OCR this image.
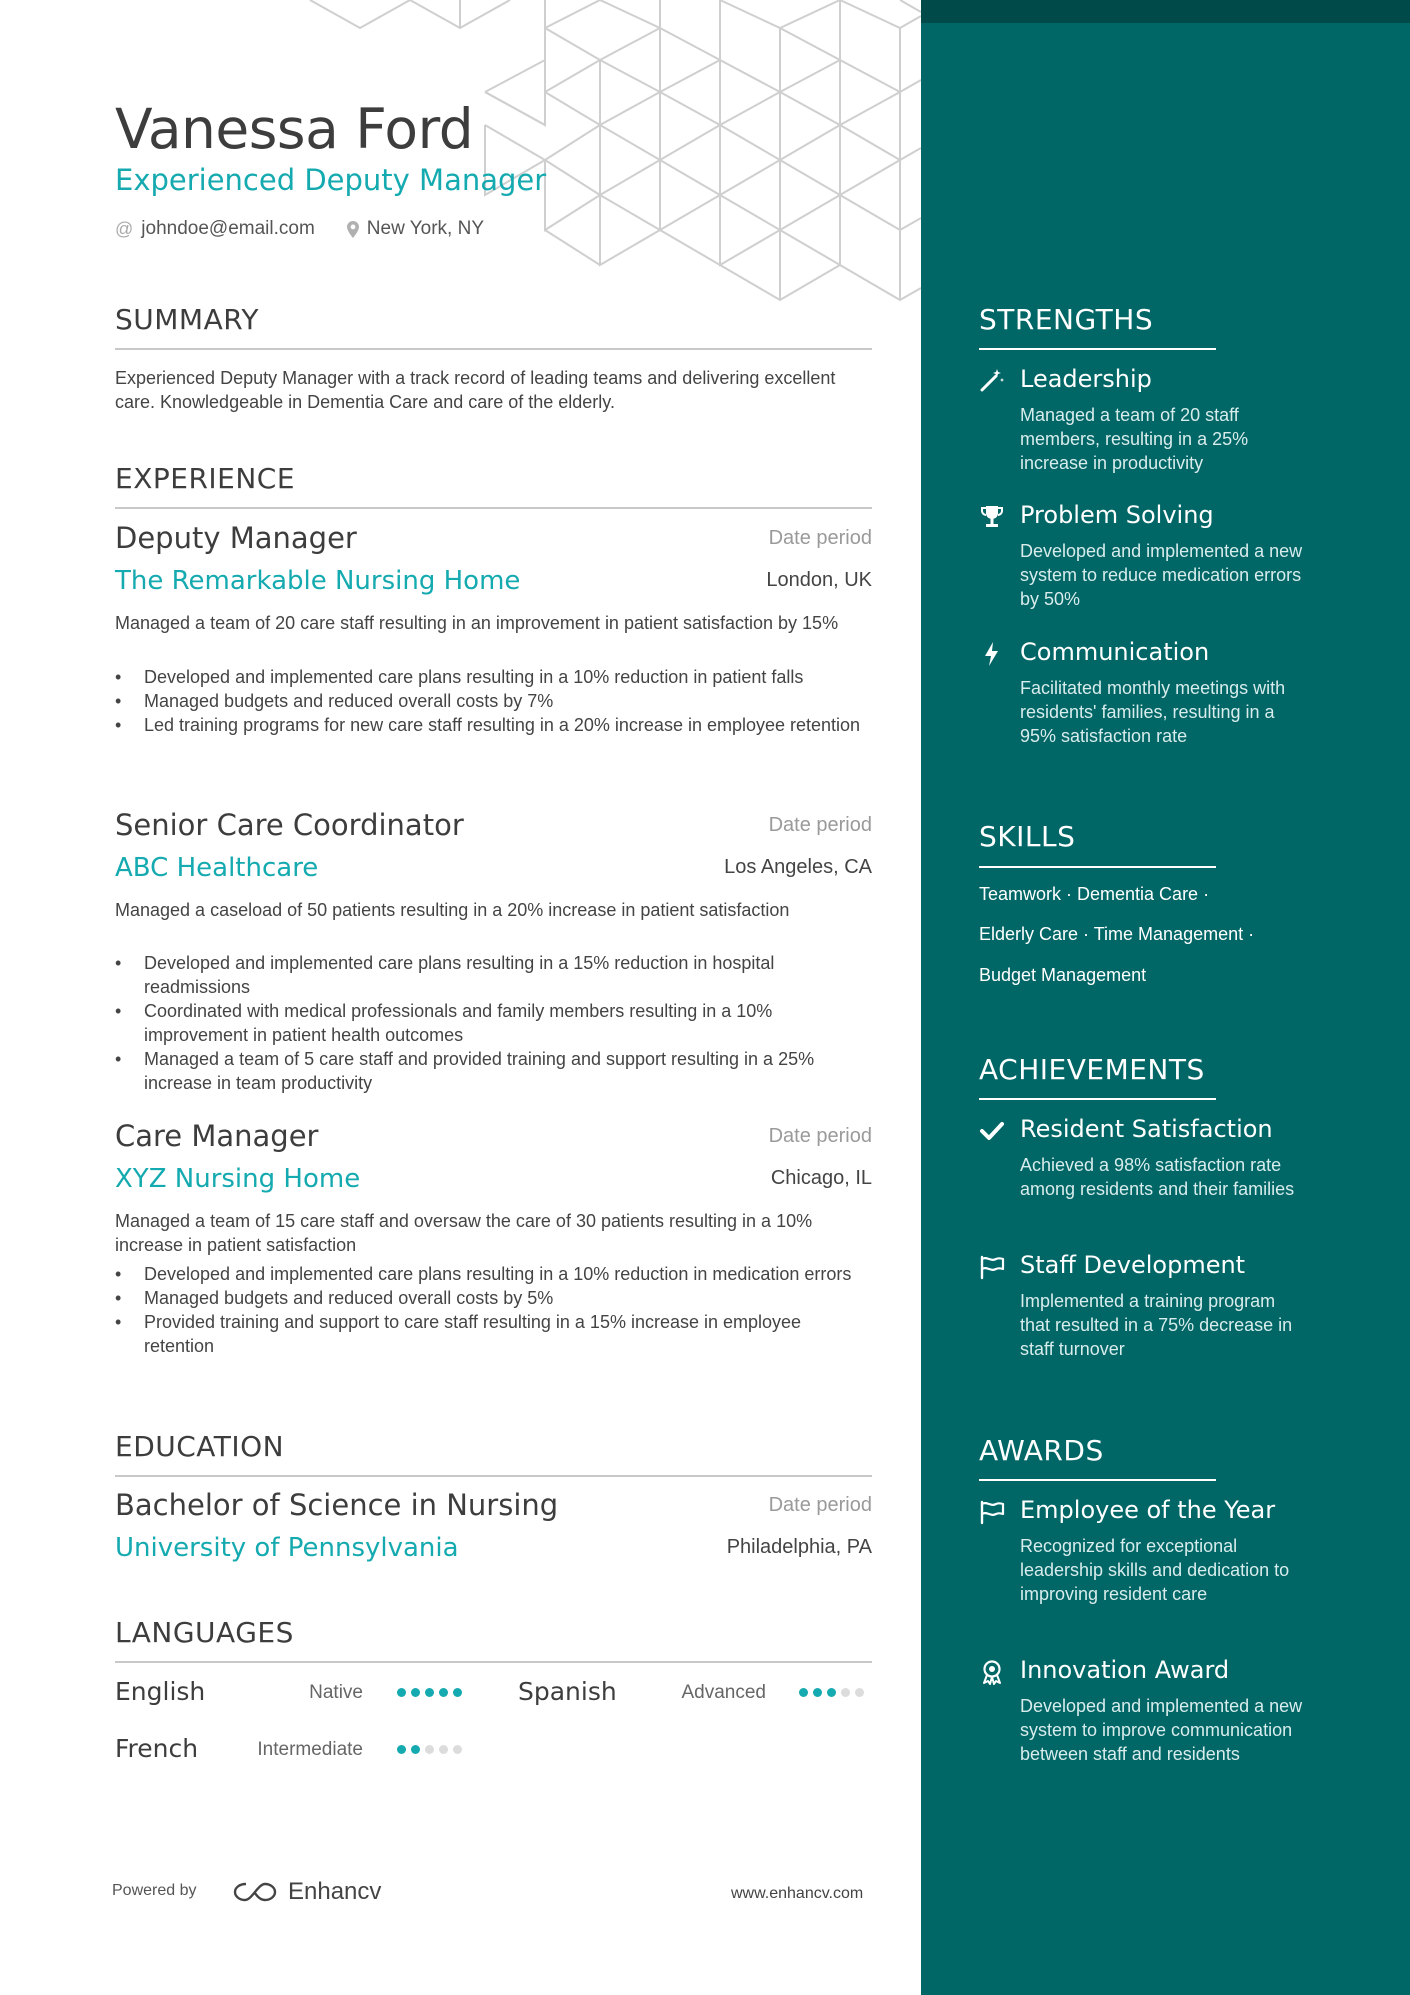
Vanessa Ford
Experienced Deputy Manager
@ johndoe@email.com	New York, NY
SUMMARY
Experienced Deputy Manager with a track record of leading teams and delivering excellent care. Knowledgeable in Dementia Care and care of the elderly.
EXPERIENCE
Deputy Manager	Date period
The Remarkable Nursing Home	London, UK
Managed a team of 20 care staff resulting in an improvement in patient satisfaction by 15%
• Developed and implemented care plans resulting in a 10% reduction in patient falls
• Managed budgets and reduced overall costs by 7%
• Led training programs for new care staff resulting in a 20% increase in employee retention
Senior Care Coordinator	Date period
ABC Healthcare	Los Angeles, CA
Managed a caseload of 50 patients resulting in a 20% increase in patient satisfaction
• Developed and implemented care plans resulting in a 15% reduction in hospital readmissions
• Coordinated with medical professionals and family members resulting in a 10% improvement in patient health outcomes
• Managed a team of 5 care staff and provided training and support resulting in a 25% increase in team productivity
Care Manager	Date period
XYZ Nursing Home	Chicago, IL
Managed a team of 15 care staff and oversaw the care of 30 patients resulting in a 10% increase in patient satisfaction
• Developed and implemented care plans resulting in a 10% reduction in medication errors
• Managed budgets and reduced overall costs by 5%
• Provided training and support to care staff resulting in a 15% increase in employee retention
EDUCATION
Bachelor of Science in Nursing	Date period
University of Pennsylvania	Philadelphia, PA
LANGUAGES
English	Native	Spanish	Advanced
French	Intermediate
Powered by	Enhancv	www.enhancv.com
STRENGTHS
Leadership
Managed a team of 20 staff members, resulting in a 25% increase in productivity
Problem Solving
Developed and implemented a new system to reduce medication errors by 50%
Communication
Facilitated monthly meetings with residents' families, resulting in a 95% satisfaction rate
SKILLS
Teamwork · Dementia Care ·
Elderly Care · Time Management ·
Budget Management
ACHIEVEMENTS
Resident Satisfaction
Achieved a 98% satisfaction rate among residents and their families
Staff Development
Implemented a training program that resulted in a 75% decrease in staff turnover
AWARDS
Employee of the Year
Recognized for exceptional leadership skills and dedication to improving resident care
Innovation Award
Developed and implemented a new system to improve communication between staff and residents
